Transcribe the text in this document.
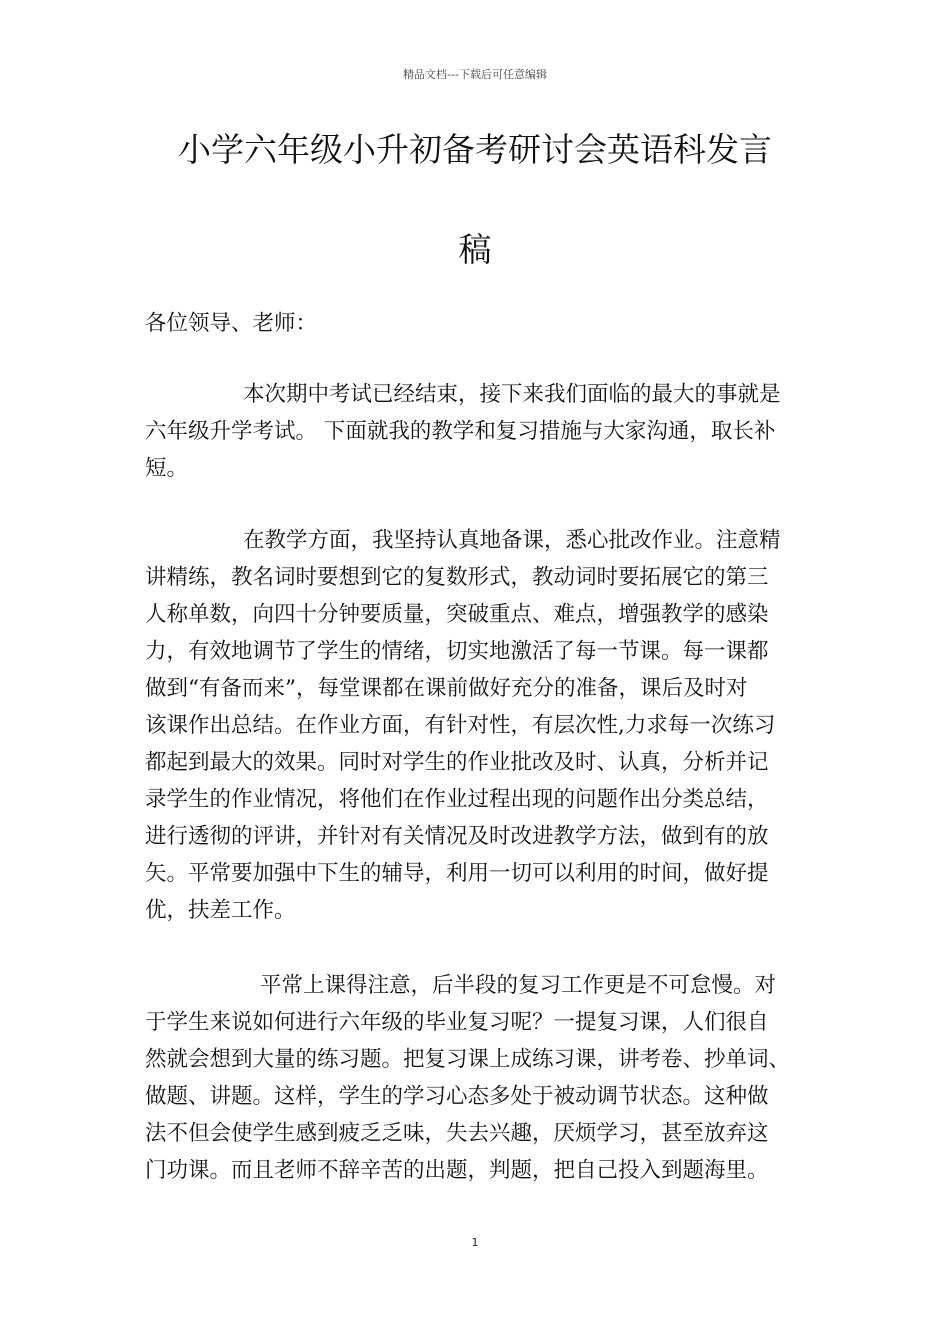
精品文档---下载后可任意编辑
小学六年级小升初备考研讨会英语科发言
稿
各位领导、老师：
本次期中考试已经结束，接下来我们面临的最大的事就是
六年级升学考试。 下面就我的教学和复习措施与大家沟通，取长补
短。
在教学方面，我坚持认真地备课，悉心批改作业。注意精
讲精练，教名词时要想到它的复数形式，教动词时要拓展它的第三
人称单数，向四十分钟要质量，突破重点、难点，增强教学的感染
力，有效地调节了学生的情绪，切实地激活了每一节课。每一课都
做到“有备而来”，每堂课都在课前做好充分的准备，课后及时对
该课作出总结。在作业方面，有针对性，有层次性,力求每一次练习
都起到最大的效果。同时对学生的作业批改及时、认真，分析并记
录学生的作业情况，将他们在作业过程出现的问题作出分类总结，
进行透彻的评讲，并针对有关情况及时改进教学方法，做到有的放
矢。平常要加强中下生的辅导，利用一切可以利用的时间，做好提
优，扶差工作。
平常上课得注意，后半段的复习工作更是不可怠慢。对
于学生来说如何进行六年级的毕业复习呢？一提复习课，人们很自
然就会想到大量的练习题。把复习课上成练习课，讲考卷、抄单词、
做题、讲题。这样，学生的学习心态多处于被动调节状态。这种做
法不但会使学生感到疲乏乏味，失去兴趣，厌烦学习，甚至放弃这
门功课。而且老师不辞辛苦的出题，判题，把自己投入到题海里。
1
